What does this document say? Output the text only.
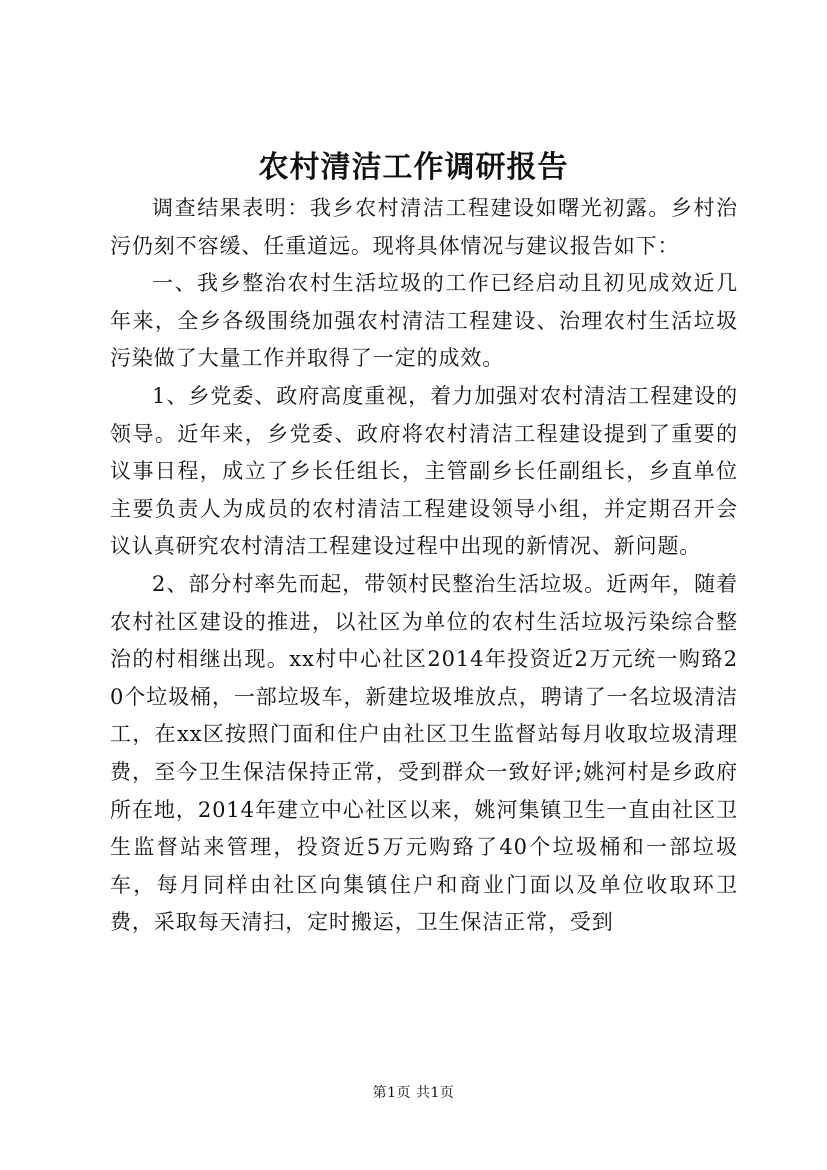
农村清洁工作调研报告

调查结果表明：我乡农村清洁工程建设如曙光初露。乡村治污仍刻不容缓、任重道远。现将具体情况与建议报告如下：

一、我乡整治农村生活垃圾的工作已经启动且初见成效近几年来，全乡各级围绕加强农村清洁工程建设、治理农村生活垃圾污染做了大量工作并取得了一定的成效。

1、乡党委、政府高度重视，着力加强对农村清洁工程建设的领导。近年来，乡党委、政府将农村清洁工程建设提到了重要的议事日程，成立了乡长任组长，主管副乡长任副组长，乡直单位主要负责人为成员的农村清洁工程建设领导小组，并定期召开会议认真研究农村清洁工程建设过程中出现的新情况、新问题。

2、部分村率先而起，带领村民整治生活垃圾。近两年，随着农村社区建设的推进，以社区为单位的农村生活垃圾污染综合整治的村相继出现。xx村中心社区2014年投资近2万元统一购臵20个垃圾桶，一部垃圾车，新建垃圾堆放点，聘请了一名垃圾清洁工，在xx区按照门面和住户由社区卫生监督站每月收取垃圾清理费，至今卫生保洁保持正常，受到群众一致好评;姚河村是乡政府所在地，2014年建立中心社区以来，姚河集镇卫生一直由社区卫生监督站来管理，投资近5万元购臵了40个垃圾桶和一部垃圾车，每月同样由社区向集镇住户和商业门面以及单位收取环卫费，采取每天清扫，定时搬运，卫生保洁正常，受到

第1页 共1页
